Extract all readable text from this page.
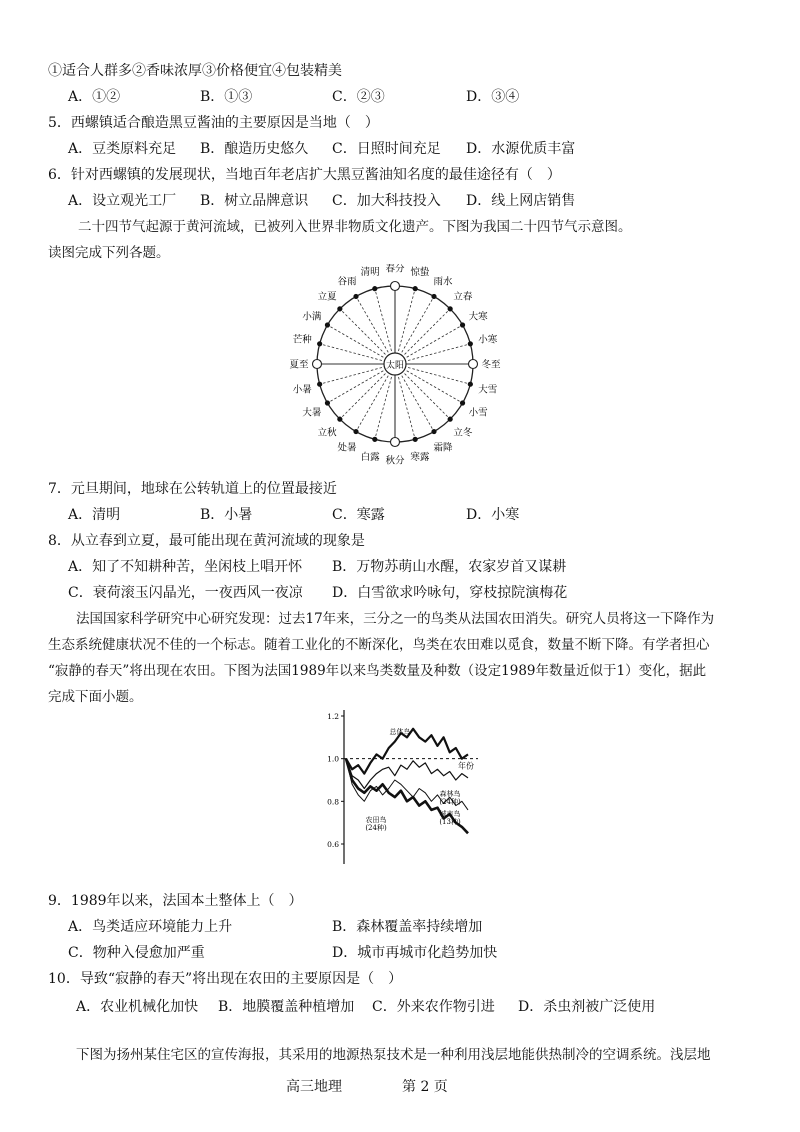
①适合人群多②香味浓厚③价格便宜④包装精美
A．①②	B．①③	C．②③	D．③④
5．西螺镇适合酿造黑豆酱油的主要原因是当地（　）
A．豆类原料充足 B．酿造历史悠久 C．日照时间充足 D．水源优质丰富
6．针对西螺镇的发展现状，当地百年老店扩大黑豆酱油知名度的最佳途径有（　）
A．设立观光工厂 B．树立品牌意识 C．加大科技投入 D．线上网店销售
二十四节气起源于黄河流域，已被列入世界非物质文化遗产。下图为我国二十四节气示意图。
读图完成下列各题。
太阳
春分 惊蛰
雨水
立春
大寒
小寒
冬至
大雪
小雪
立冬
霜降
寒露
秋分
白露
处暑
立秋
大暑
小暑
夏至
芒种
小满
立夏
谷雨
清明
7．元旦期间，地球在公转轨道上的位置最接近
A．清明	B．小暑	C．寒露	D．小寒
8．从立春到立夏，最可能出现在黄河流域的现象是
A．知了不知耕种苦，坐闲枝上唱开怀 B．万物苏萌山水醒，农家岁首又谋耕
C．衰荷滚玉闪晶光，一夜西风一夜凉 D．白雪欲求吟咏句，穿枝掠院演梅花
法国国家科学研究中心研究发现：过去17年来，三分之一的鸟类从法国农田消失。研究人员将这一下降作为
生态系统健康状况不佳的一个标志。随着工业化的不断深化，鸟类在农田难以觅食，数量不断下降。有学者担心
“寂静的春天”将出现在农田。下图为法国1989年以来鸟类数量及种数（设定1989年数量近似于1）变化，据此
完成下面小题。
1.2
1.0
0.8
0.6
年份
总体鸟
森林鸟(24种)
城市鸟(13种)
农田鸟(24种)
9．1989年以来，法国本土整体上（　）
A．鸟类适应环境能力上升	B．森林覆盖率持续增加
C．物种入侵愈加严重	D．城市再城市化趋势加快
10．导致“寂静的春天”将出现在农田的主要原因是（　）
A．农业机械化加快 B．地膜覆盖种植增加 C．外来农作物引进 D．杀虫剂被广泛使用
下图为扬州某住宅区的宣传海报，其采用的地源热泵技术是一种利用浅层地能供热制冷的空调系统。浅层地
高三地理	第 2 页
